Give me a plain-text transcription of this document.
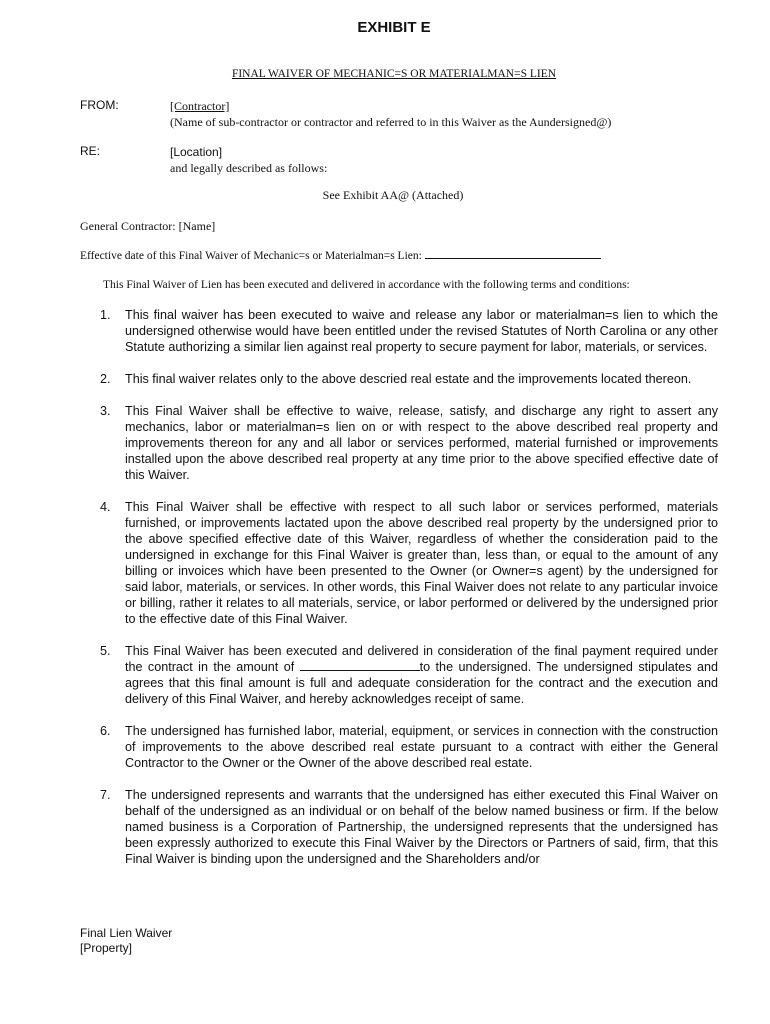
EXHIBIT E
FINAL WAIVER OF MECHANIC=S OR MATERIALMAN=S LIEN
FROM:	[Contractor]
(Name of sub-contractor or contractor and referred to in this Waiver as the Aundersigned@)
RE:	[Location]
and legally described as follows:
See Exhibit AA@ (Attached)
General Contractor: [Name]
Effective date of this Final Waiver of Mechanic=s or Materialman=s Lien:
This Final Waiver of Lien has been executed and delivered in accordance with the following terms and conditions:
1. This final waiver has been executed to waive and release any labor or materialman=s lien to which the undersigned otherwise would have been entitled under the revised Statutes of North Carolina or any other Statute authorizing a similar lien against real property to secure payment for labor, materials, or services.
2. This final waiver relates only to the above descried real estate and the improvements located thereon.
3. This Final Waiver shall be effective to waive, release, satisfy, and discharge any right to assert any mechanics, labor or materialman=s lien on or with respect to the above described real property and improvements thereon for any and all labor or services performed, material furnished or improvements installed upon the above described real property at any time prior to the above specified effective date of this Waiver.
4. This Final Waiver shall be effective with respect to all such labor or services performed, materials furnished, or improvements lactated upon the above described real property by the undersigned prior to the above specified effective date of this Waiver, regardless of whether the consideration paid to the undersigned in exchange for this Final Waiver is greater than, less than, or equal to the amount of any billing or invoices which have been presented to the Owner (or Owner=s agent) by the undersigned for said labor, materials, or services. In other words, this Final Waiver does not relate to any particular invoice or billing, rather it relates to all materials, service, or labor performed or delivered by the undersigned prior to the effective date of this Final Waiver.
5. This Final Waiver has been executed and delivered in consideration of the final payment required under the contract in the amount of	to the undersigned. The undersigned stipulates and agrees that this final amount is full and adequate consideration for the contract and the execution and delivery of this Final Waiver, and hereby acknowledges receipt of same.
6. The undersigned has furnished labor, material, equipment, or services in connection with the construction of improvements to the above described real estate pursuant to a contract with either the General Contractor to the Owner or the Owner of the above described real estate.
7. The undersigned represents and warrants that the undersigned has either executed this Final Waiver on behalf of the undersigned as an individual or on behalf of the below named business or firm. If the below named business is a Corporation of Partnership, the undersigned represents that the undersigned has been expressly authorized to execute this Final Waiver by the Directors or Partners of said, firm, that this Final Waiver is binding upon the undersigned and the Shareholders and/or
Final Lien Waiver
[Property]
